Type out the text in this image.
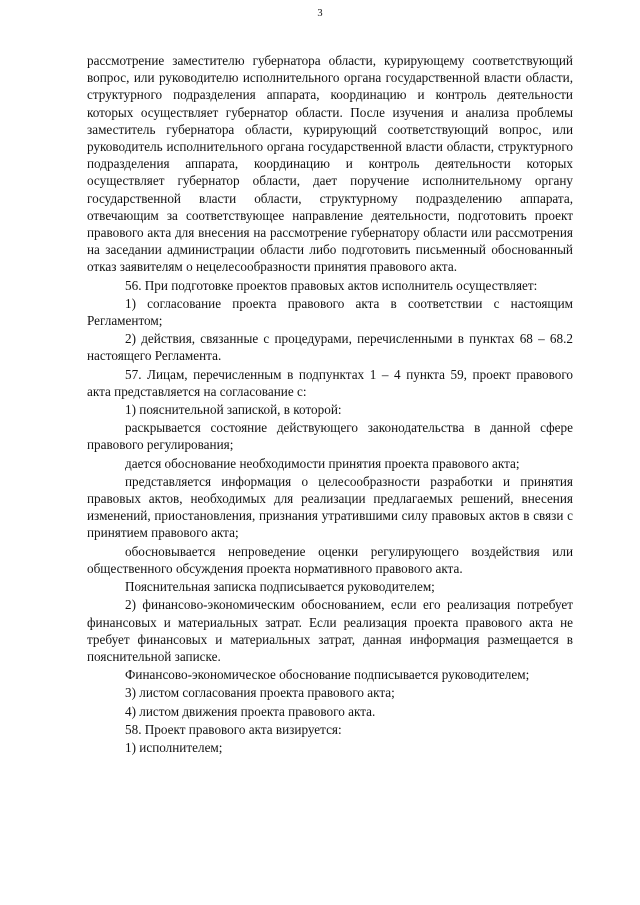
3

рассмотрение заместителю губернатора области, курирующему соответствующий вопрос, или руководителю исполнительного органа государственной власти области, структурного подразделения аппарата, координацию и контроль деятельности которых осуществляет губернатор области. После изучения и анализа проблемы заместитель губернатора области, курирующий соответствующий вопрос, или руководитель исполнительного органа государственной власти области, структурного подразделения аппарата, координацию и контроль деятельности которых осуществляет губернатор области, дает поручение исполнительному органу государственной власти области, структурному подразделению аппарата, отвечающим за соответствующее направление деятельности, подготовить проект правового акта для внесения на рассмотрение губернатору области или рассмотрения на заседании администрации области либо подготовить письменный обоснованный отказ заявителям о нецелесообразности принятия правового акта.

56. При подготовке проектов правовых актов исполнитель осуществляет:

1) согласование проекта правового акта в соответствии с настоящим Регламентом;

2) действия, связанные с процедурами, перечисленными в пунктах 68 – 68.2 настоящего Регламента.

57. Лицам, перечисленным в подпунктах 1 – 4 пункта 59, проект правового акта представляется на согласование с:

1) пояснительной запиской, в которой:

раскрывается состояние действующего законодательства в данной сфере правового регулирования;

дается обоснование необходимости принятия проекта правового акта;

представляется информация о целесообразности разработки и принятия правовых актов, необходимых для реализации предлагаемых решений, внесения изменений, приостановления, признания утратившими силу правовых актов в связи с принятием правового акта;

обосновывается непроведение оценки регулирующего воздействия или общественного обсуждения проекта нормативного правового акта.

Пояснительная записка подписывается руководителем;

2) финансово-экономическим обоснованием, если его реализация потребует финансовых и материальных затрат. Если реализация проекта правового акта не требует финансовых и материальных затрат, данная информация размещается в пояснительной записке.

Финансово-экономическое обоснование подписывается руководителем;

3) листом согласования проекта правового акта;

4) листом движения проекта правового акта.

58. Проект правового акта визируется:

1) исполнителем;
